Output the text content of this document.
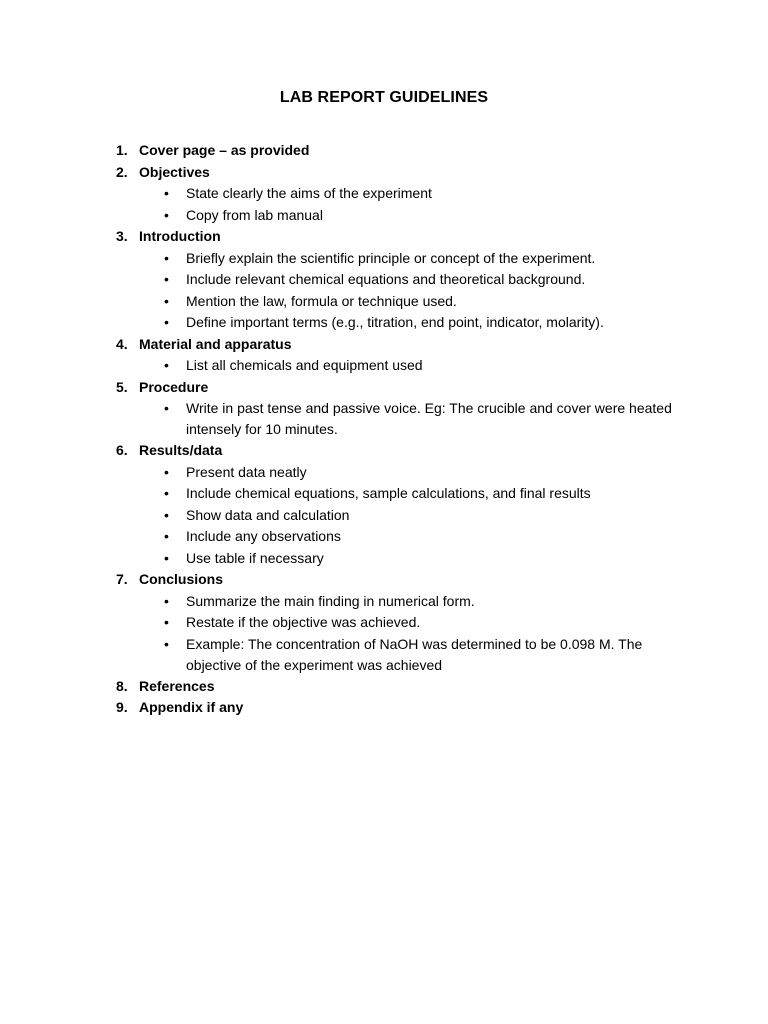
LAB REPORT GUIDELINES
1. Cover page – as provided
2. Objectives
• State clearly the aims of the experiment
• Copy from lab manual
3. Introduction
• Briefly explain the scientific principle or concept of the experiment.
• Include relevant chemical equations and theoretical background.
• Mention the law, formula or technique used.
• Define important terms (e.g., titration, end point, indicator, molarity).
4. Material and apparatus
• List all chemicals and equipment used
5. Procedure
• Write in past tense and passive voice. Eg: The crucible and cover were heated intensely for 10 minutes.
6. Results/data
• Present data neatly
• Include chemical equations, sample calculations, and final results
• Show data and calculation
• Include any observations
• Use table if necessary
7. Conclusions
• Summarize the main finding in numerical form.
• Restate if the objective was achieved.
• Example: The concentration of NaOH was determined to be 0.098 M. The objective of the experiment was achieved
8. References
9. Appendix if any
